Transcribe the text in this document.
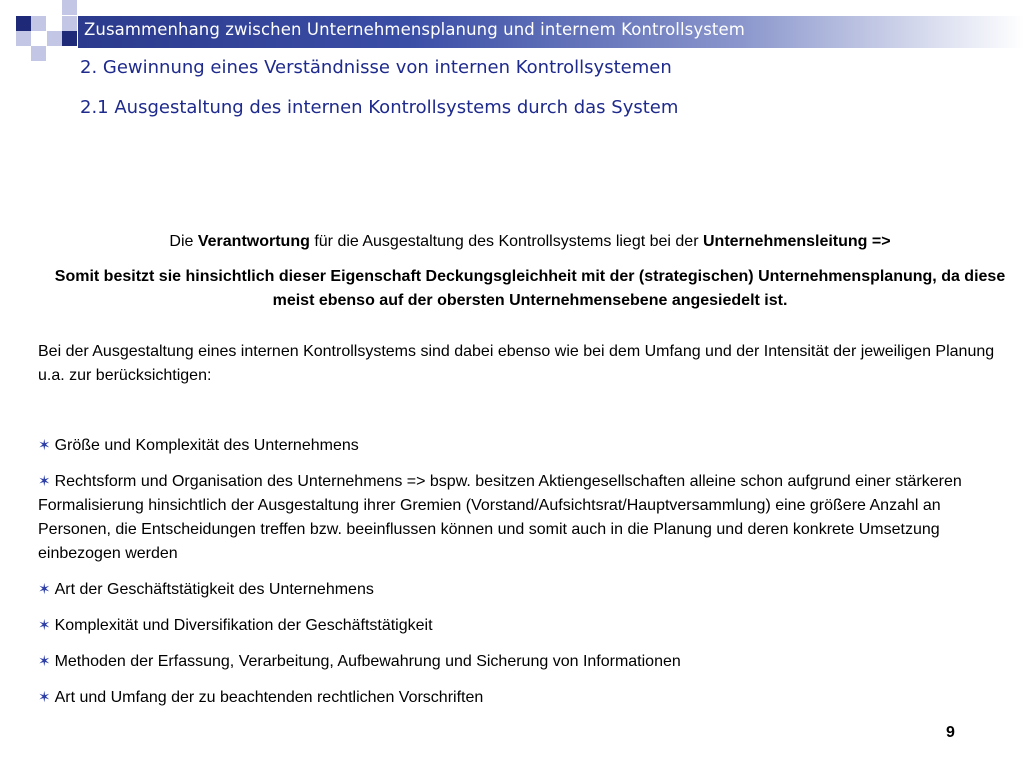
Zusammenhang zwischen Unternehmensplanung und internem Kontrollsystem
2. Gewinnung eines Verständnisse von internen Kontrollsystemen
2.1 Ausgestaltung des internen Kontrollsystems durch das System
Die Verantwortung für die Ausgestaltung des Kontrollsystems liegt bei der Unternehmensleitung =>
Somit besitzt sie hinsichtlich dieser Eigenschaft Deckungsgleichheit mit der (strategischen) Unternehmensplanung, da diese meist ebenso auf der obersten Unternehmensebene angesiedelt ist.
Bei der Ausgestaltung eines internen Kontrollsystems sind dabei ebenso wie bei dem Umfang und der Intensität der jeweiligen Planung u.a. zur berücksichtigen:
✶ Größe und Komplexität des Unternehmens
✶ Rechtsform und Organisation des Unternehmens => bspw. besitzen Aktiengesellschaften alleine schon aufgrund einer stärkeren Formalisierung hinsichtlich der Ausgestaltung ihrer Gremien (Vorstand/Aufsichtsrat/Hauptversammlung) eine größere Anzahl an Personen, die Entscheidungen treffen bzw. beeinflussen können und somit auch in die Planung und deren konkrete Umsetzung einbezogen werden
✶ Art der Geschäftstätigkeit des Unternehmens
✶ Komplexität und Diversifikation der Geschäftstätigkeit
✶ Methoden der Erfassung, Verarbeitung, Aufbewahrung und Sicherung von Informationen
✶ Art und Umfang der zu beachtenden rechtlichen Vorschriften
9
